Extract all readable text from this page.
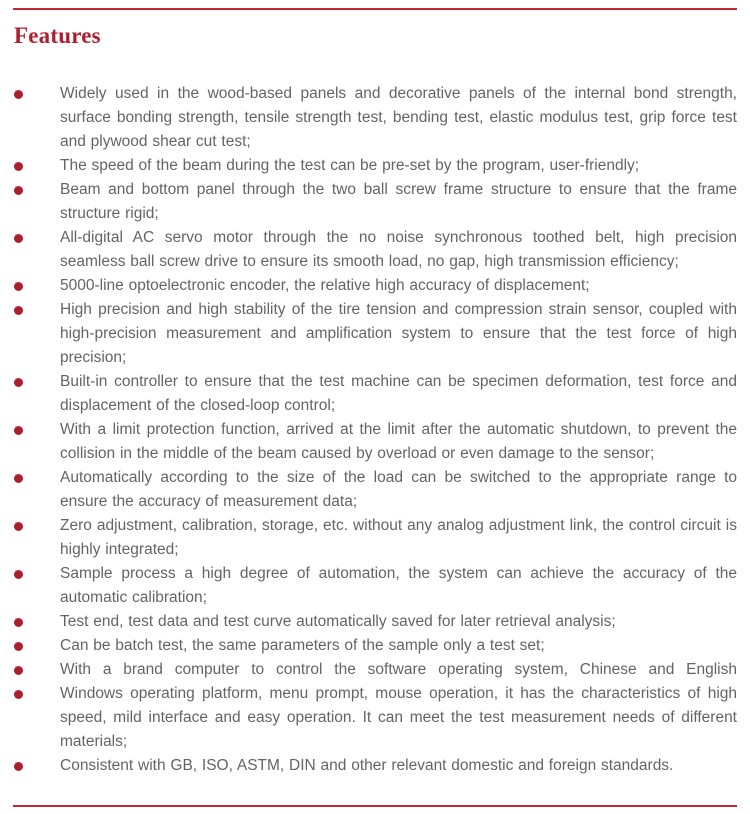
Features

Widely used in the wood-based panels and decorative panels of the internal bond strength, surface bonding strength, tensile strength test, bending test, elastic modulus test, grip force test and plywood shear cut test;

The speed of the beam during the test can be pre-set by the program, user-friendly;

Beam and bottom panel through the two ball screw frame structure to ensure that the frame structure rigid;

All-digital AC servo motor through the no noise synchronous toothed belt, high precision seamless ball screw drive to ensure its smooth load, no gap, high transmission efficiency;

5000-line optoelectronic encoder, the relative high accuracy of displacement;

High precision and high stability of the tire tension and compression strain sensor, coupled with high-precision measurement and amplification system to ensure that the test force of high precision;

Built-in controller to ensure that the test machine can be specimen deformation, test force and displacement of the closed-loop control;

With a limit protection function, arrived at the limit after the automatic shutdown, to prevent the collision in the middle of the beam caused by overload or even damage to the sensor;

Automatically according to the size of the load can be switched to the appropriate range to ensure the accuracy of measurement data;

Zero adjustment, calibration, storage, etc. without any analog adjustment link, the control circuit is highly integrated;

Sample process a high degree of automation, the system can achieve the accuracy of the automatic calibration;

Test end, test data and test curve automatically saved for later retrieval analysis;

Can be batch test, the same parameters of the sample only a test set;

With a brand computer to control the software operating system, Chinese and English

Windows operating platform, menu prompt, mouse operation, it has the characteristics of high speed, mild interface and easy operation. It can meet the test measurement needs of different materials;

Consistent with GB, ISO, ASTM, DIN and other relevant domestic and foreign standards.
